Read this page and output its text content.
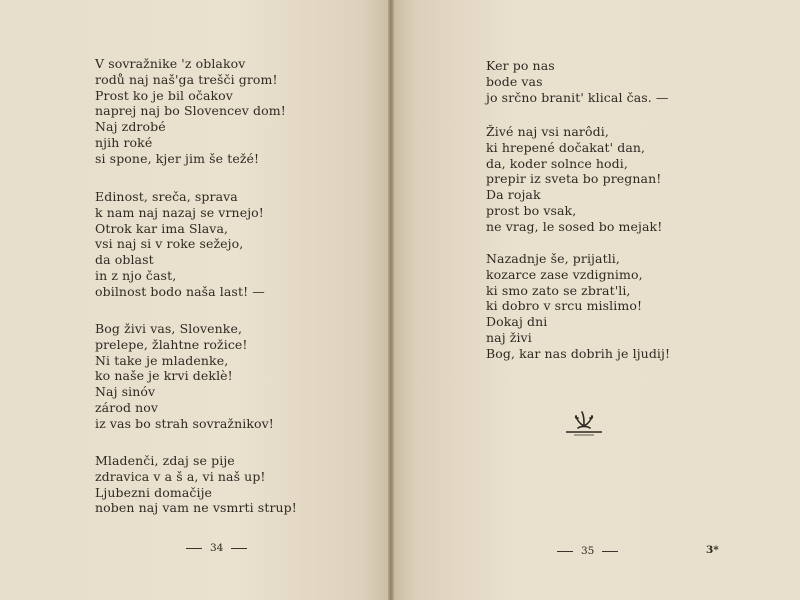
V sovražnike 'z oblakov
rodů naj naš'ga trešči grom!
Prost ko je bil očakov
naprej naj bo Slovencev dom!
Naj zdrobé
njih roké
si spone, kjer jim še težé!
Edinost, sreča, sprava
k nam naj nazaj se vrnejo!
Otrok kar ima Slava,
vsi naj si v roke sežejo,
da oblast
in z njo čast,
obilnost bodo naša last! —
Bog živi vas, Slovenke,
prelepe, žlahtne rožice!
Ni take je mladenke,
ko naše je krvi deklè!
Naj sinóv
zárod nov
iz vas bo strah sovražnikov!
Mladenči, zdaj se pije
zdravica v a š a, vi naš up!
Ljubezni domačije
noben naj vam ne vsmrti strup!
34
Ker po nas
bode vas
jo srčno branit' klical čas. —
Živé naj vsi narôdi,
ki hrepené dočakat' dan,
da, koder solnce hodi,
prepir iz sveta bo pregnan!
Da rojak
prost bo vsak,
ne vrag, le sosed bo mejak!
Nazadnje še, prijatli,
kozarce zase vzdignimo,
ki smo zato se zbrat'li,
ki dobro v srcu mislimo!
Dokaj dni
naj živi
Bog, kar nas dobrih je ljudij!
35	3*
